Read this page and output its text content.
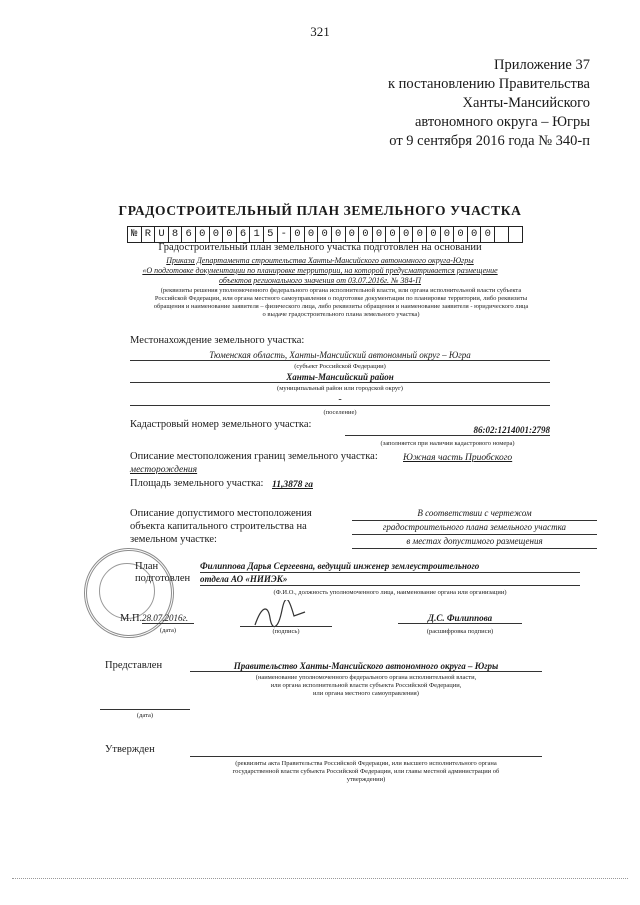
321
Приложение 37
к постановлению Правительства
Ханты-Мансийского
автономного округа – Югры
от 9 сентября 2016 года № 340-п
ГРАДОСТРОИТЕЛЬНЫЙ ПЛАН ЗЕМЕЛЬНОГО УЧАСТКА
№ R U 8 6 0 0 0 6 1 5 - 0 0 0 0 0 0 0 0 0 0 0 0 0 0 0
Градостроительный план земельного участка подготовлен на основании
Приказа Департамента строительства Ханты-Мансийского автономного округа-Югры
«О подготовке документации по планировке территории, на которой предусматривается размещение
объектов регионального значения от 03.07.2016г. № 384-П
(реквизиты решения уполномоченного федерального органа исполнительной власти, или органа исполнительной власти субъекта
Российской Федерации, или органа местного самоуправления о подготовке документации по планировке территории, либо реквизиты
обращения и наименование заявителя – физического лица, либо реквизиты обращения и наименование заявителя - юридического лица
о выдаче градостроительного плана земельного участка)
Местонахождение земельного участка:
Тюменская область, Ханты-Мансийский автономный округ – Югра
(субъект Российской Федерации)
Ханты-Мансийский район
(муниципальный район или городской округ)
-
(поселение)
Кадастровый номер земельного участка:	86:02:1214001:2798
(заполняется при наличии кадастрового номера)
Описание местоположения границ земельного участка:	Южная часть Приобского
месторождения
Площадь земельного участка: 11,3878 га
Описание допустимого местоположения
объекта капитального строительства на
земельном участке:
В соответствии с чертежом
градостроительного плана земельного участка
в местах допустимого размещения
План
подготовлен
Филиппова Дарья Сергеевна, ведущий инженер землеустроительного
отдела АО «НИИЭК»
(Ф.И.О., должность уполномоченного лица, наименование органа или организации)
М.П. 28.07.2016г.
(дата)	(подпись)
Д.С. Филиппова
(расшифровка подписи)
Представлен	Правительство Ханты-Мансийского автономного округа – Югры
(наименование уполномоченного федерального органа исполнительной власти,
или органа исполнительной власти субъекта Российской Федерации,
или органа местного самоуправления)
(дата)
Утвержден
(реквизиты акта Правительства Российской Федерации, или высшего исполнительного органа
государственной власти субъекта Российской Федерации, или главы местной администрации об
утверждении)
